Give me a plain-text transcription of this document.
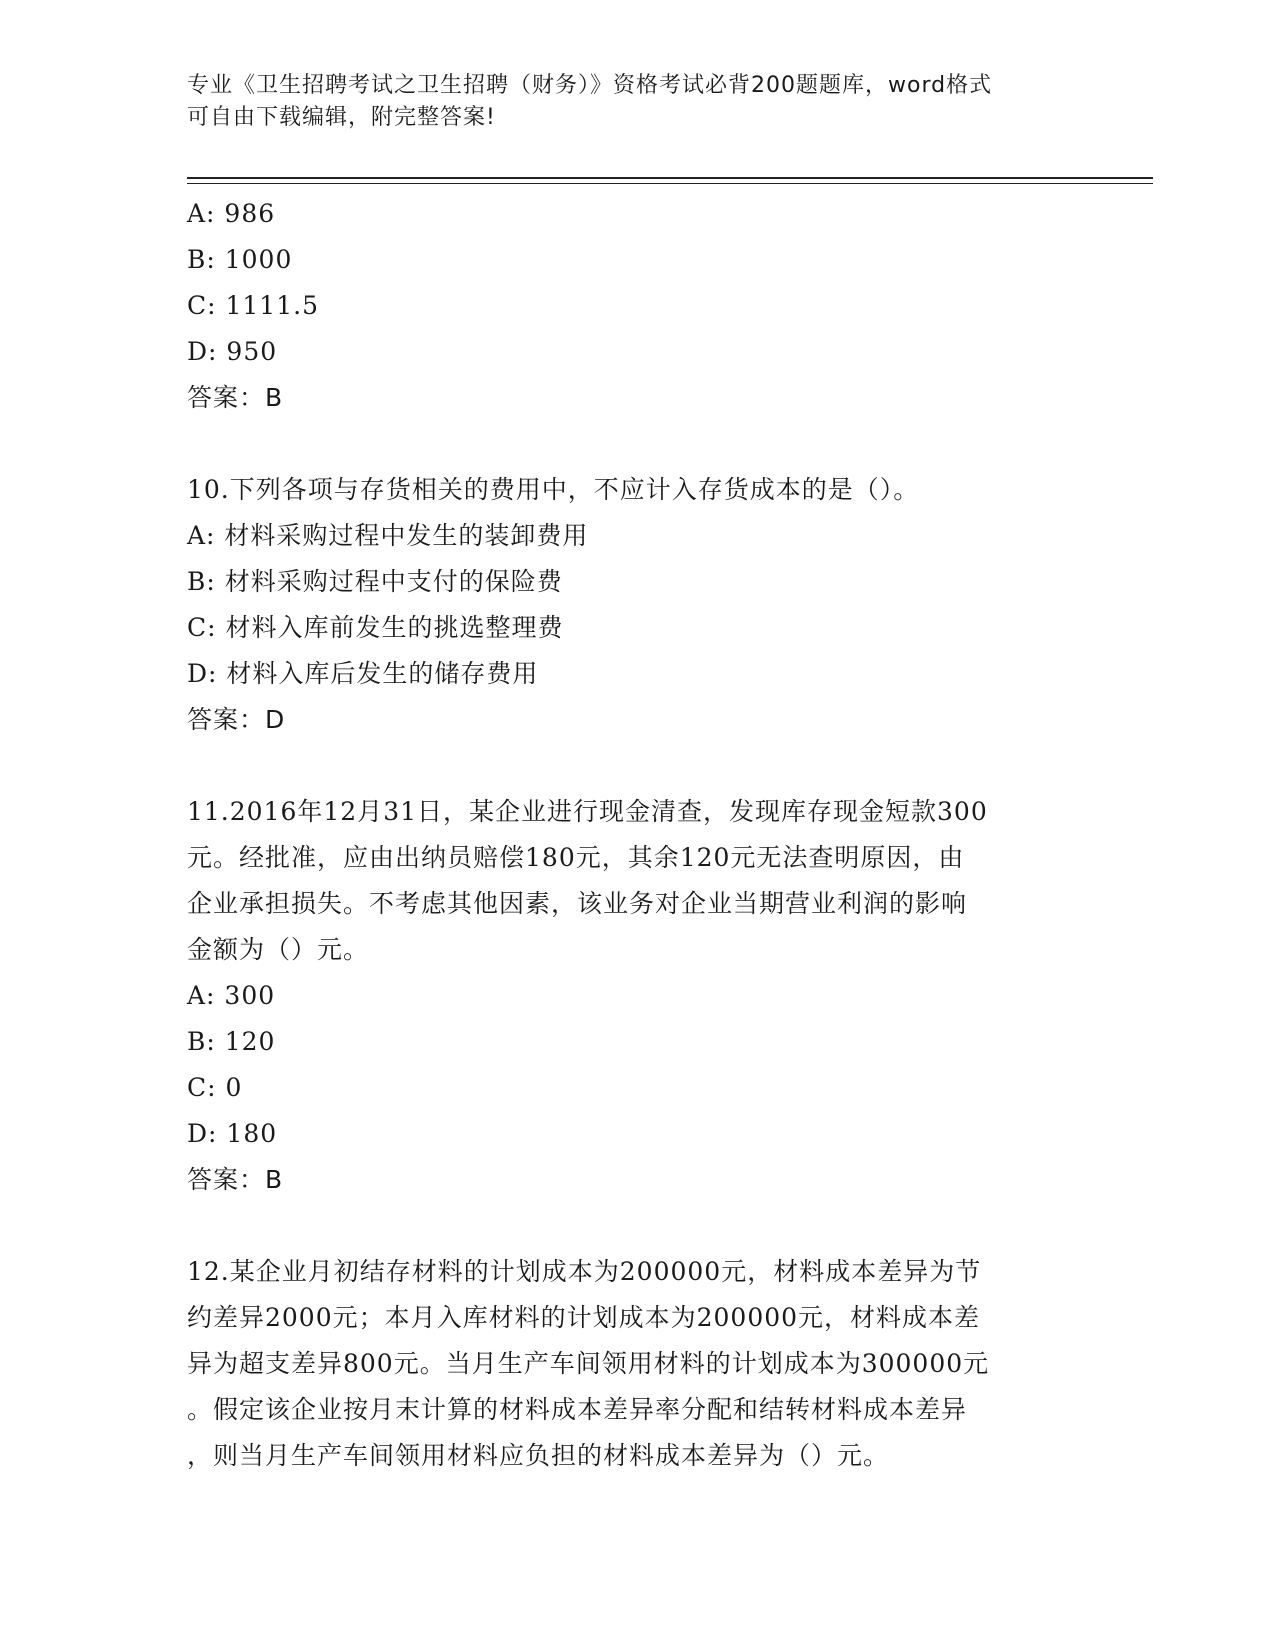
专业《卫生招聘考试之卫生招聘（财务）》资格考试必背200题题库，word格式
可自由下载编辑，附完整答案!
A: 986
B: 1000
C: 1111.5
D: 950
答案：B
10.下列各项与存货相关的费用中，不应计入存货成本的是（）。
A: 材料采购过程中发生的装卸费用
B: 材料采购过程中支付的保险费
C: 材料入库前发生的挑选整理费
D: 材料入库后发生的储存费用
答案：D
11.2016年12月31日，某企业进行现金清查，发现库存现金短款300
元。经批准，应由出纳员赔偿180元，其余120元无法查明原因，由
企业承担损失。不考虑其他因素，该业务对企业当期营业利润的影响
金额为（）元。
A: 300
B: 120
C: 0
D: 180
答案：B
12.某企业月初结存材料的计划成本为200000元，材料成本差异为节
约差异2000元；本月入库材料的计划成本为200000元，材料成本差
异为超支差异800元。当月生产车间领用材料的计划成本为300000元
。假定该企业按月末计算的材料成本差异率分配和结转材料成本差异
，则当月生产车间领用材料应负担的材料成本差异为（）元。
